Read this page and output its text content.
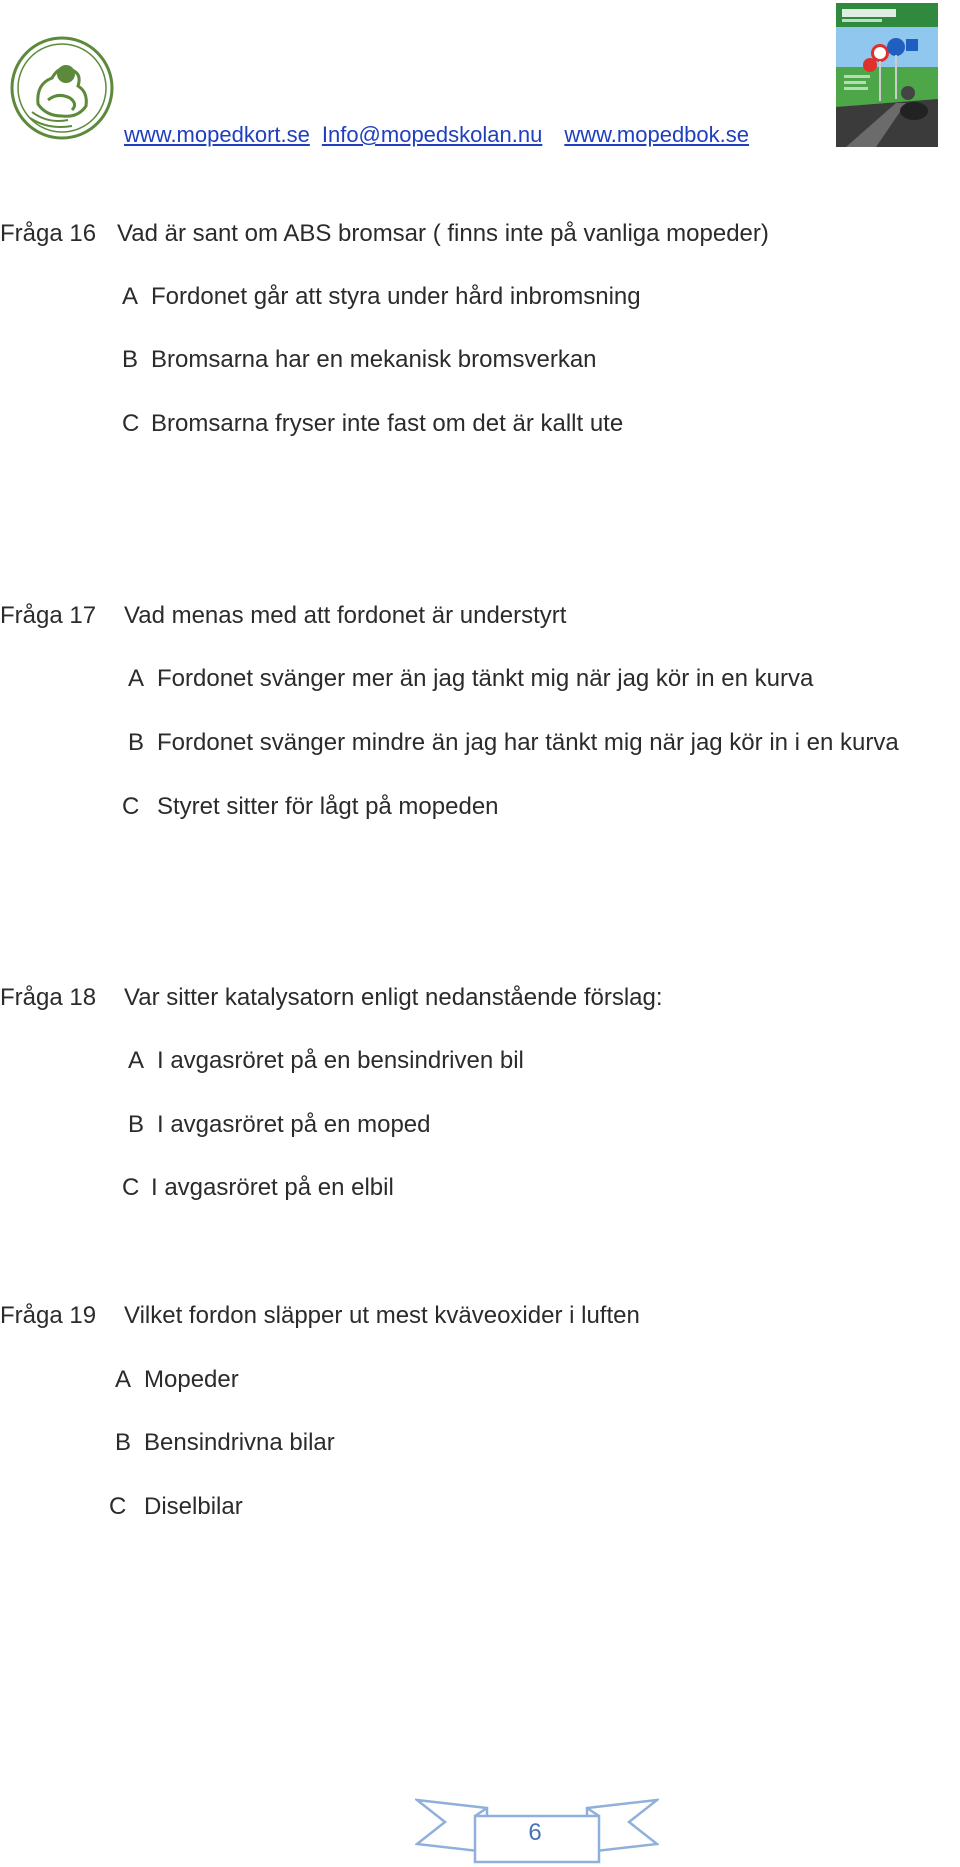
www.mopedkort.se Info@mopedskolan.nu www.mopedbok.se
Fråga 16 Vad är sant om ABS bromsar ( finns inte på vanliga mopeder)
A Fordonet går att styra under hård inbromsning
B Bromsarna har en mekanisk bromsverkan
C Bromsarna fryser inte fast om det är kallt ute
Fråga 17 Vad menas med att fordonet är understyrt
A Fordonet svänger mer än jag tänkt mig när jag kör in en kurva
B Fordonet svänger mindre än jag har tänkt mig när jag kör in i en kurva
C Styret sitter för lågt på mopeden
Fråga 18 Var sitter katalysatorn enligt nedanstående förslag:
A I avgasröret på en bensindriven bil
B I avgasröret på en moped
C I avgasröret på en elbil
Fråga 19 Vilket fordon släpper ut mest kväveoxider i luften
A Mopeder
B Bensindrivna bilar
C Diselbilar
6
